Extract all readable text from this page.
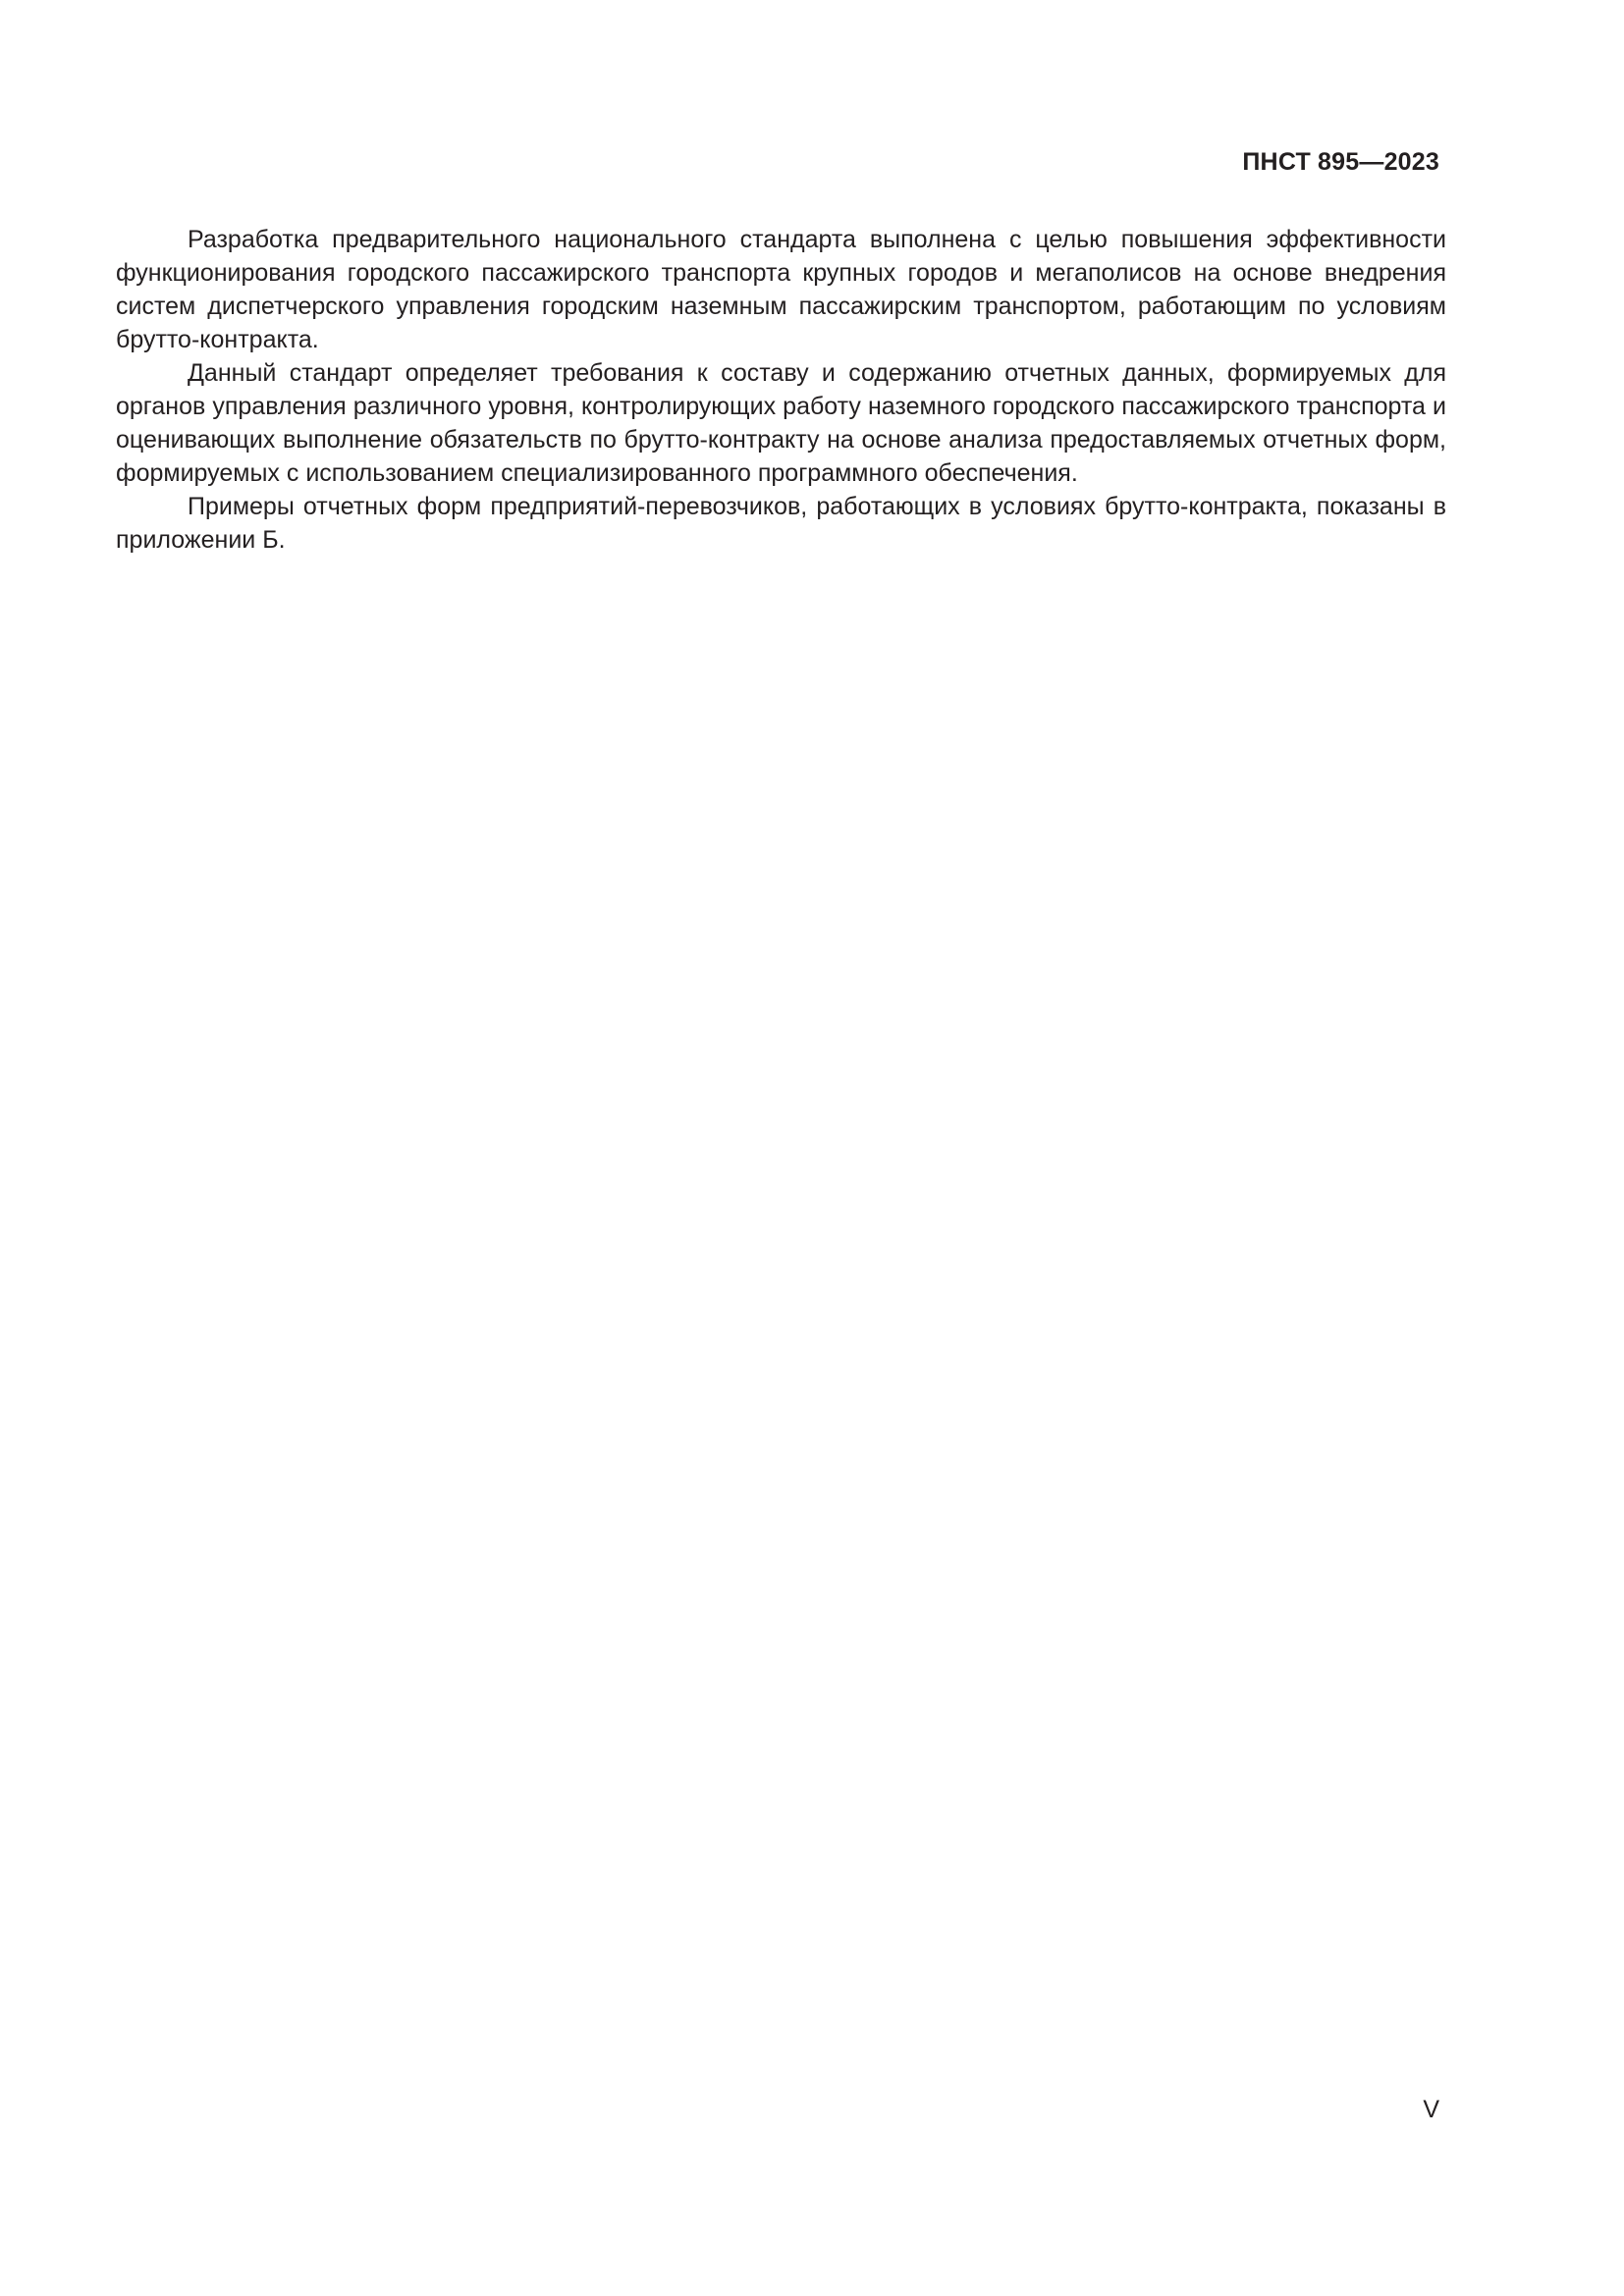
ПНСТ 895—2023

Разработка предварительного национального стандарта выполнена с целью повышения эффективности функционирования городского пассажирского транспорта крупных городов и мегаполисов на основе внедрения систем диспетчерского управления городским наземным пассажирским транспортом, работающим по условиям брутто-контракта.

Данный стандарт определяет требования к составу и содержанию отчетных данных, формируемых для органов управления различного уровня, контролирующих работу наземного городского пассажирского транспорта и оценивающих выполнение обязательств по брутто-контракту на основе анализа предоставляемых отчетных форм, формируемых с использованием специализированного программного обеспечения.

Примеры отчетных форм предприятий-перевозчиков, работающих в условиях брутто-контракта, показаны в приложении Б.

V
